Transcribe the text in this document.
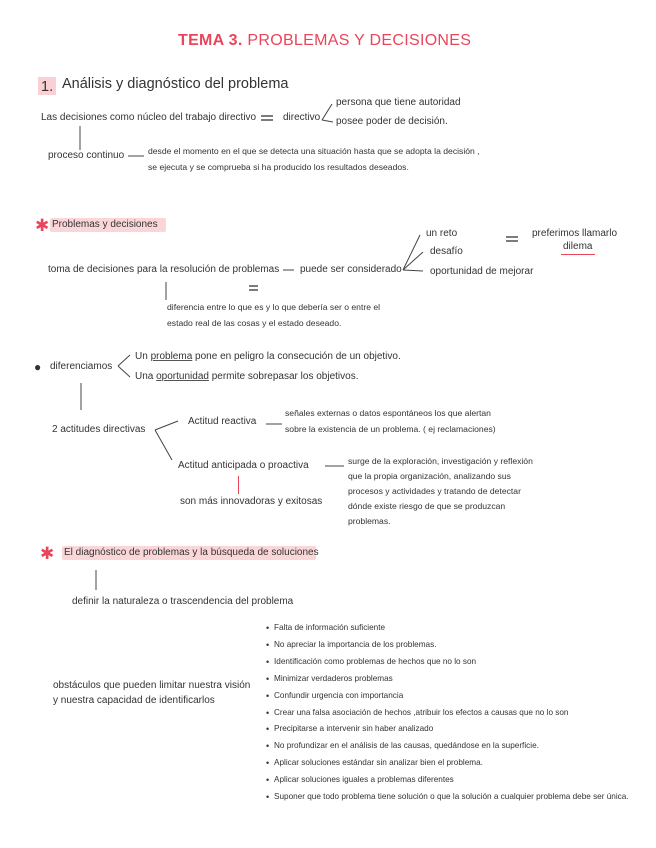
TEMA 3. PROBLEMAS Y DECISIONES
1. Análisis y diagnóstico del problema
Las decisiones como núcleo del trabajo directivo	directivo
persona que tiene autoridad
posee poder de decisión.
proceso continuo	desde el momento en el que se detecta una situación hasta que se adopta la decisión ,
se ejecuta y se comprueba si ha producido los resultados deseados.
✱ Problemas y decisiones
toma de decisiones para la resolución de problemas puede ser considerado
un reto
desafío
oportunidad de mejorar
preferimos llamarlo
dilema
diferencia entre lo que es y lo que debería ser o entre el
estado real de las cosas y el estado deseado.
● diferenciamos
Un problema pone en peligro la consecución de un objetivo.
Una oportunidad permite sobrepasar los objetivos.
2 actitudes directivas
Actitud reactiva
señales externas o datos espontáneos los que alertan
sobre la existencia de un problema. ( ej reclamaciones)
Actitud anticipada o proactiva	surge de la exploración, investigación y reflexión
que la propia organización, analizando sus
procesos y actividades y tratando de detectar
dónde existe riesgo de que se produzcan
problemas.
son más innovadoras y exitosas
✱ El diagnóstico de problemas y la búsqueda de soluciones
definir la naturaleza o trascendencia del problema
obstáculos que pueden limitar nuestra visión
y nuestra capacidad de identificarlos
• Falta de información suficiente
• No apreciar la importancia de los problemas.
• Identificación como problemas de hechos que no lo son
• Minimizar verdaderos problemas
• Confundir urgencia con importancia
• Crear una falsa asociación de hechos ,atribuir los efectos a causas que no lo son
• Precipitarse a intervenir sin haber analizado
• No profundizar en el análisis de las causas, quedándose en la superficie.
• Aplicar soluciones estándar sin analizar bien el problema.
• Aplicar soluciones iguales a problemas diferentes
• Suponer que todo problema tiene solución o que la solución a cualquier problema debe ser única.
